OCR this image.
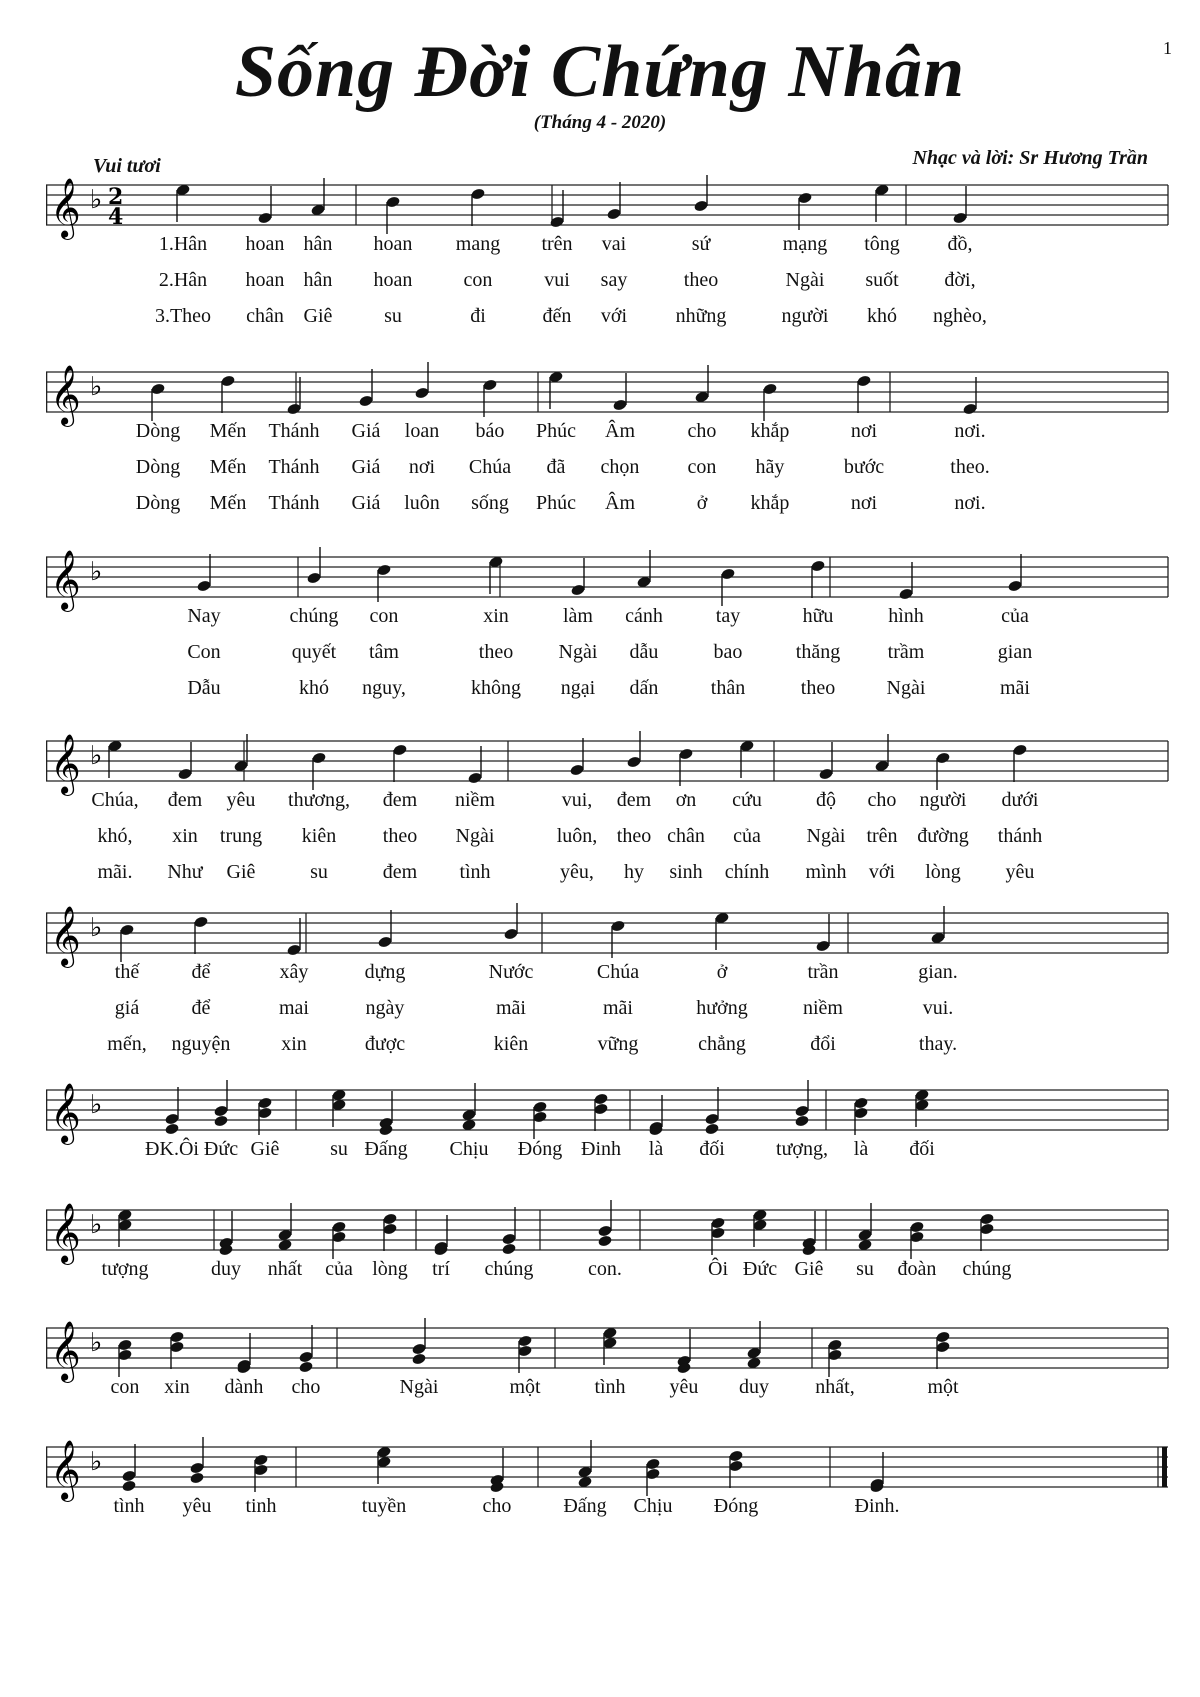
Sống Đời Chứng Nhân
(Tháng 4 - 2020)
1
Vui tươi	Nhạc và lời: Sr Hương Trần
𝄞 ♭ 2
4
1.Hân hoan hân hoan mang trên vai	sứ	mạng tông đồ,
2.Hân hoan hân hoan	con	vui say	theo	Ngài suốt đời,
3.Theo chân Giê	su	đi	đến với những	người khó nghèo,
𝄞 ♭
Dòng Mến Thánh Giá loan báo Phúc Âm	cho khắp	nơi	nơi.
Dòng Mến Thánh Giá nơi Chúa đã chọn con hãy	bước	theo.
Dòng Mến Thánh Giá luôn sống Phúc Âm	ở khắp	nơi	nơi.
𝄞 ♭
Nay	chúng con	xin	làm cánh	tay	hữu	hình	của
Con	quyết tâm	theo Ngài dẫu	bao	thăng trầm	gian
Dẫu	khó nguy,	không ngại dấn	thân	theo	Ngài	mãi
𝄞 ♭
Chúa, đem yêu thương, đem niềm	vui, đem ơn cứu	độ cho người dưới
khó, xin trung kiên theo Ngài	luôn, theo chân của Ngài trên đường thánh
mãi. Như Giê	su	đem tình	yêu, hy sinh chính mình với lòng yêu
𝄞 ♭
thế	để	xây	dựng	Nước	Chúa	ở	trần	gian.
giá	để	mai	ngày	mãi	mãi	hưởng	niềm	vui.
mến, nguyện	xin	được	kiên	vững	chẳng	đổi	thay.
𝄞 ♭
ĐK.Ôi Đức Giê	su Đấng Chịu Đóng Đinh là đối	tượng, là đối
𝄞 ♭
tượng	duy nhất của lòng trí chúng	con.	Ôi Đức Giê su đoàn chúng
𝄞 ♭
con xin dành cho	Ngài	một	tình yêu duy nhất,	một
𝄞 ♭
tình yêu tinh	tuyền	cho	Đấng Chịu Đóng	Đinh.
